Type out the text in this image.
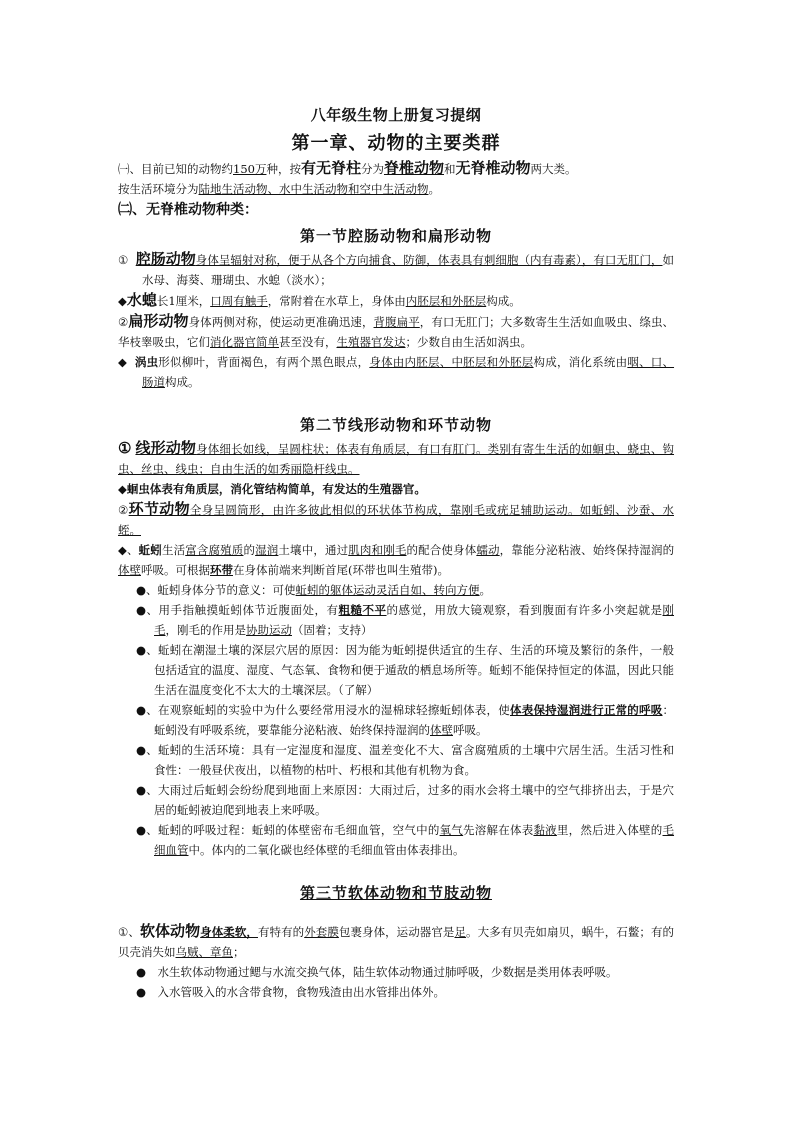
八年级生物上册复习提纲
第一章、动物的主要类群

㈠、目前已知的动物约150万种，按有无脊柱分为脊椎动物和无脊椎动物两大类。

按生活环境分为陆地生活动物、水中生活动物和空中生活动物。

㈡、无脊椎动物种类：

第一节腔肠动物和扁形动物

① 腔肠动物身体呈辐射对称，便于从各个方向捕食、防御，体表具有刺细胞（内有毒素），有口无肛门，如水母、海葵、珊瑚虫、水螅（淡水）；

◆水螅长1厘米，口周有触手，常附着在水草上，身体由内胚层和外胚层构成。

②扁形动物身体两侧对称，使运动更准确迅速，背腹扁平，有口无肛门；大多数寄生生活如血吸虫、绦虫、华枝睾吸虫，它们消化器官简单甚至没有，生殖器官发达；少数自由生活如涡虫。

◆ 涡虫形似柳叶，背面褐色，有两个黑色眼点，身体由内胚层、中胚层和外胚层构成，消化系统由咽、口、肠道构成。

第二节线形动物和环节动物

① 线形动物身体细长如线，呈圆柱状；体表有角质层，有口有肛门。类别有寄生生活的如蛔虫、蛲虫、钩虫、丝虫、线虫；自由生活的如秀丽隐杆线虫。

◆蛔虫体表有角质层，消化管结构简单，有发达的生殖器官。

②环节动物全身呈圆筒形，由许多彼此相似的环状体节构成，靠刚毛或疣足辅助运动。如蚯蚓、沙蚕、水蛭。

◆、蚯蚓生活富含腐殖质的湿润土壤中，通过肌肉和刚毛的配合使身体蠕动，靠能分泌粘液、始终保持湿润的体壁呼吸。可根据环带在身体前端来判断首尾(环带也叫生殖带)。

●、蚯蚓身体分节的意义：可使蚯蚓的躯体运动灵活自如、转向方便。

●、用手指触摸蚯蚓体节近腹面处，有粗糙不平的感觉，用放大镜观察，看到腹面有许多小突起就是刚毛，刚毛的作用是协助运动（固着；支持）

●、蚯蚓在潮湿土壤的深层穴居的原因：因为能为蚯蚓提供适宜的生存、生活的环境及繁衍的条件，一般包括适宜的温度、湿度、气态氧、食物和便于遁敌的栖息场所等。蚯蚓不能保持恒定的体温，因此只能生活在温度变化不太大的土壤深层。（了解）

●、在观察蚯蚓的实验中为什么要经常用浸水的湿棉球轻擦蚯蚓体表，使体表保持湿润进行正常的呼吸：蚯蚓没有呼吸系统，要靠能分泌粘液、始终保持湿润的体壁呼吸。

●、蚯蚓的生活环境：具有一定湿度和湿度、温差变化不大、富含腐殖质的土壤中穴居生活。生活习性和食性：一般昼伏夜出，以植物的枯叶、朽根和其他有机物为食。

●、大雨过后蚯蚓会纷纷爬到地面上来原因：大雨过后，过多的雨水会将土壤中的空气排挤出去，于是穴居的蚯蚓被迫爬到地表上来呼吸。

●、蚯蚓的呼吸过程：蚯蚓的体壁密布毛细血管，空气中的氧气先溶解在体表黏液里，然后进入体壁的毛细血管中。体内的二氧化碳也经体壁的毛细血管由体表排出。

第三节软体动物和节肢动物

①、软体动物身体柔软，有特有的外套膜包裹身体，运动器官是足。大多有贝壳如扇贝，蜗牛，石鳖；有的贝壳消失如乌贼、章鱼；

●　水生软体动物通过鳃与水流交换气体，陆生软体动物通过肺呼吸，少数据是类用体表呼吸。

●　入水管吸入的水含带食物，食物残渣由出水管排出体外。
